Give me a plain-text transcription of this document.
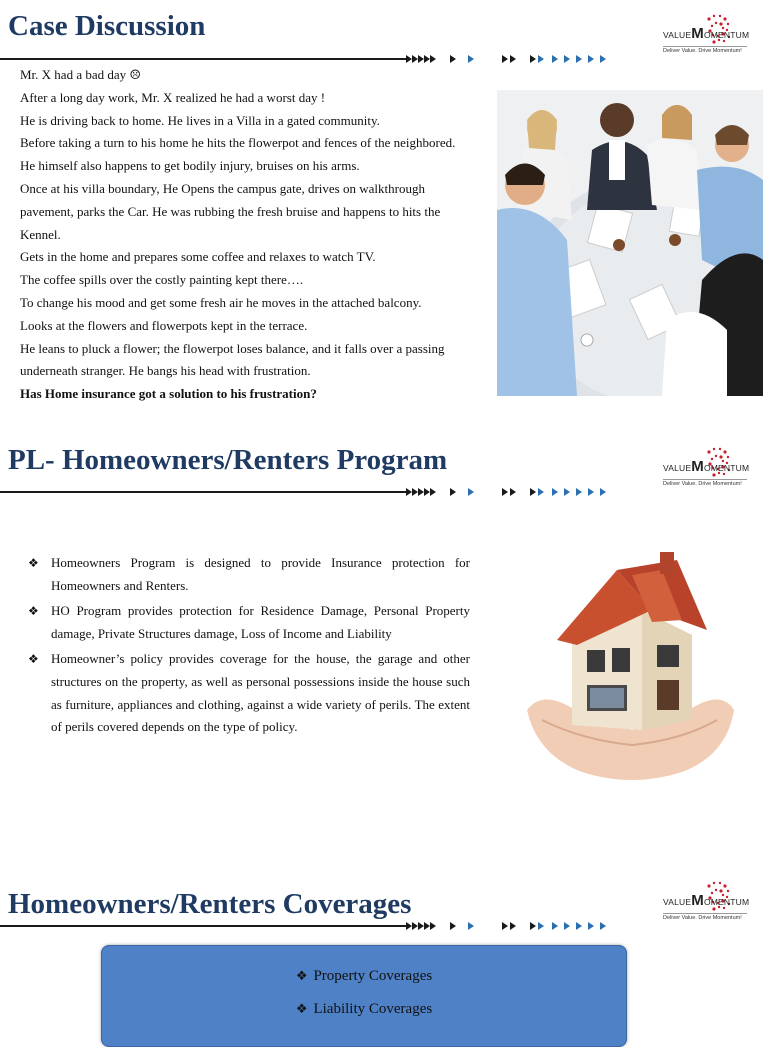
Case Discussion	VALUEMOMENTUM
Deliver Value. Drive Momentum!

Mr. X had a bad day ☹

After a long day work, Mr. X realized he had a worst day !

He is driving back to home. He lives in a Villa in a gated community.

Before taking a turn to his home he hits the flowerpot and fences of the neighbored.

He himself also happens to get bodily injury, bruises on his arms.

Once at his villa boundary, He Opens the campus gate, drives on walkthrough pavement, parks the Car. He was rubbing the fresh bruise and happens to hits the Kennel.

Gets in the home and prepares some coffee and relaxes to watch TV.

The coffee spills over the costly painting kept there….

To change his mood and get some fresh air he moves in the attached balcony.

Looks at the flowers and flowerpots kept in the terrace.

He leans to pluck a flower; the flowerpot loses balance, and it falls over a passing underneath stranger. He bangs his head with frustration.

Has Home insurance got a solution to his frustration?

PL- Homeowners/Renters Program	VALUEMOMENTUM
Deliver Value. Drive Momentum!
❖ Homeowners Program is designed to provide Insurance protection for Homeowners and Renters.
❖ HO Program provides protection for Residence Damage, Personal Property damage, Private Structures damage, Loss of Income and Liability
❖ Homeowner’s policy provides coverage for the house, the garage and other structures on the property, as well as personal possessions inside the house such as furniture, appliances and clothing, against a wide variety of perils. The extent of perils covered depends on the type of policy.
Homeowners/Renters Coverages	VALUEMOMENTUM
Deliver Value. Drive Momentum!
❖ Property Coverages
❖ Liability Coverages
